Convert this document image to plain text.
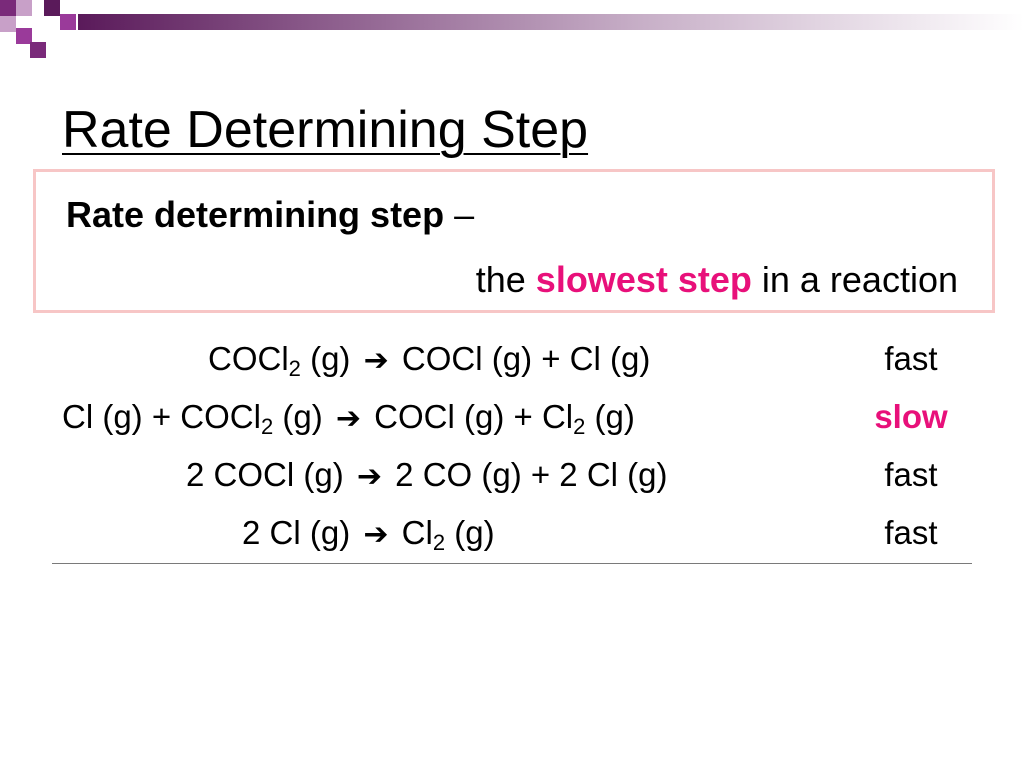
Rate Determining Step
Rate determining step –
the slowest step in a reaction
COCl$_2$ (g) ➔ COCl (g) + Cl (g)	fast
Cl (g) + COCl$_2$ (g) ➔ COCl $(g) + Cl_2$ (g)	slow
2 COCl (g) ➔ 2 CO (g) + 2 Cl (g)	fast
2 Cl (g) ➔ $Cl_2$ (g)	fast
